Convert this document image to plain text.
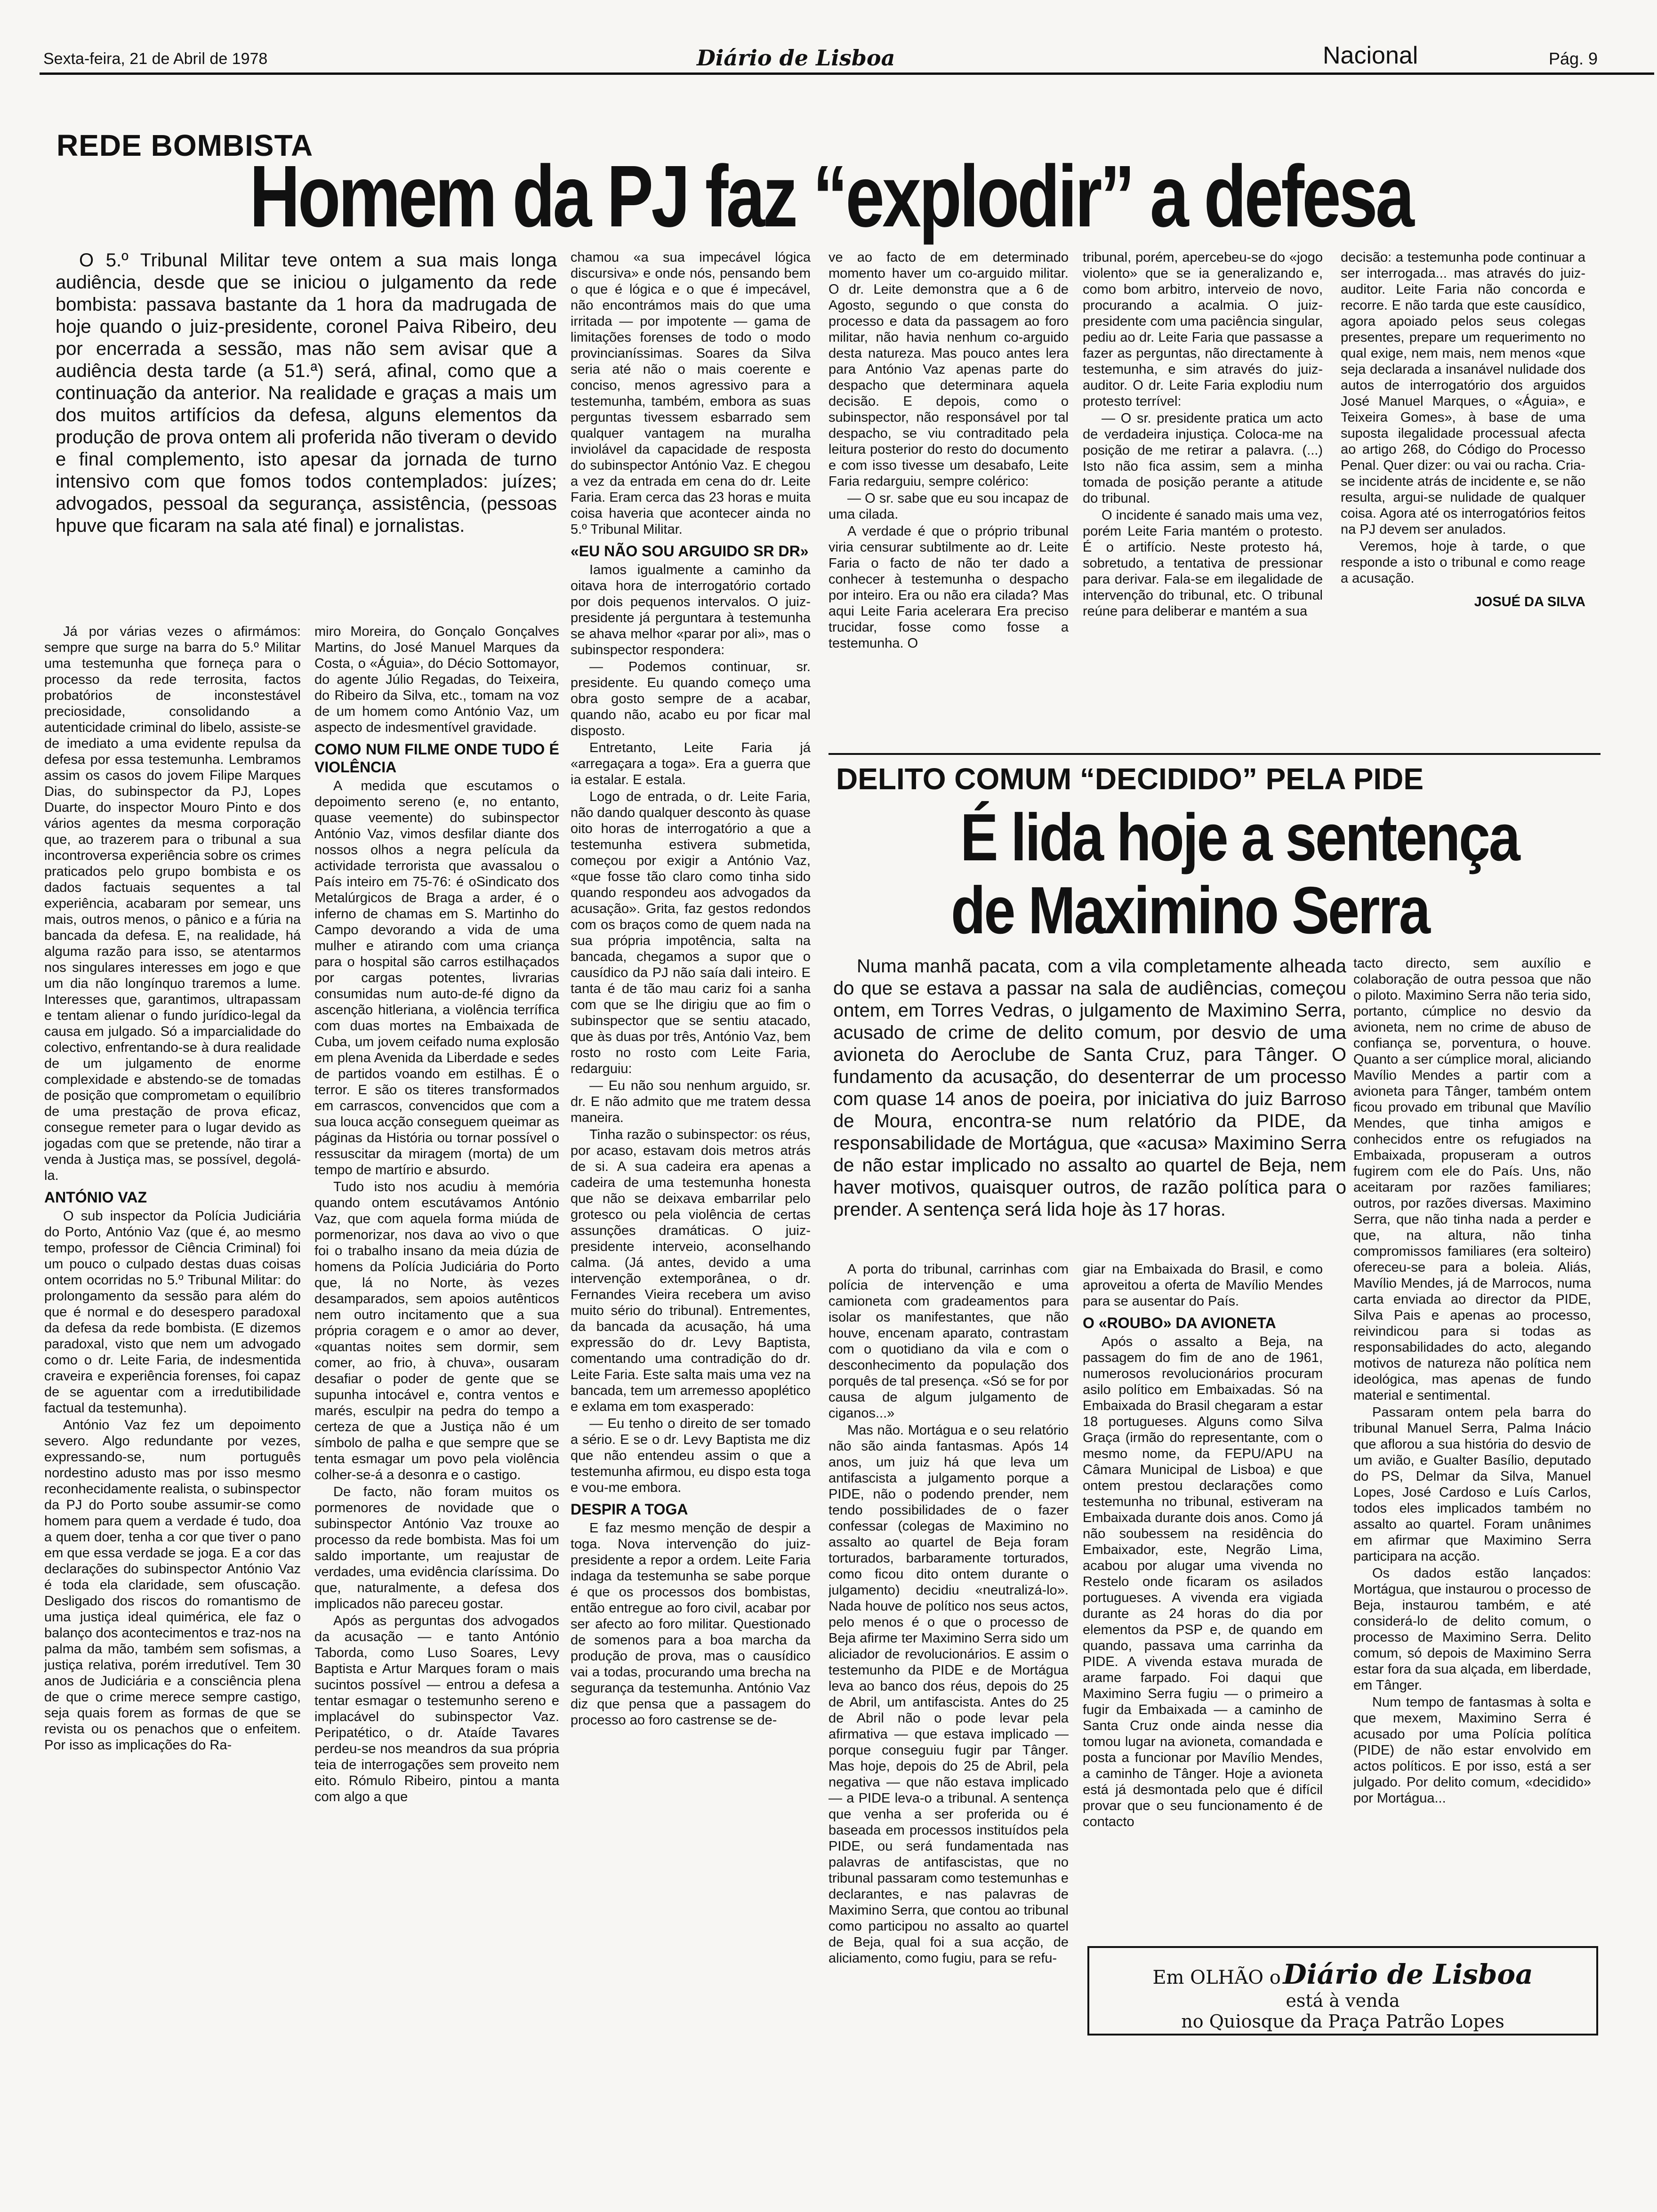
Sexta-feira, 21 de Abril de 1978	Diário de Lisboa	Nacional	Pág. 9
REDE BOMBISTA
Homem da PJ faz “explodir” a defesa

O 5.º Tribunal Militar teve ontem a sua mais longa audiência, desde que se iniciou o julgamento da rede bombista: passava bastante da 1 hora da madrugada de hoje quando o juiz-presidente, coronel Paiva Ribeiro, deu por encerrada a sessão, mas não sem avisar que a audiência desta tarde (a 51.ª) será, afinal, como que a continuação da anterior. Na realidade e graças a mais um dos muitos artifícios da defesa, alguns elementos da produção de prova ontem ali proferida não tiveram o devido e final complemento, isto apesar da jornada de turno intensivo com que fomos todos contemplados: juízes; advogados, pessoal da segurança, assistência, (pessoas hpuve que ficaram na sala até final) e jornalistas.

Já por várias vezes o afirmámos: sempre que surge na barra do 5.º Militar uma testemunha que forneça para o processo da rede terrosita, factos probatórios de inconstestável preciosidade, consolidando a autenticidade criminal do libelo, assiste-se de imediato a uma evidente repulsa da defesa por essa testemunha. Lembramos assim os casos do jovem Filipe Marques Dias, do subinspector da PJ, Lopes Duarte, do inspector Mouro Pinto e dos vários agentes da mesma corporação que, ao trazerem para o tribunal a sua incontroversa experiência sobre os crimes praticados pelo grupo bombista e os dados factuais sequentes a tal experiência, acabaram por semear, uns mais, outros menos, o pânico e a fúria na bancada da defesa. E, na realidade, há alguma razão para isso, se atentarmos nos singulares interesses em jogo e que um dia não longínquo traremos a lume. Interesses que, garantimos, ultrapassam e tentam alienar o fundo jurídico-legal da causa em julgado. Só a imparcialidade do colectivo, enfrentando-se à dura realidade de um julgamento de enorme complexidade e abstendo-se de tomadas de posição que comprometam o equilíbrio de uma prestação de prova eficaz, consegue remeter para o lugar devido as jogadas com que se pretende, não tirar a venda à Justiça mas, se possível, degolá-la.

ANTÓNIO VAZ

O sub inspector da Polícia Judiciária do Porto, António Vaz (que é, ao mesmo tempo, professor de Ciência Criminal) foi um pouco o culpado destas duas coisas ontem ocorridas no 5.º Tribunal Militar: do prolongamento da sessão para além do que é normal e do desespero paradoxal da defesa da rede bombista. (E dizemos paradoxal, visto que nem um advogado como o dr. Leite Faria, de indesmentida craveira e experiência forenses, foi capaz de se aguentar com a irredutibilidade factual da testemunha).

António Vaz fez um depoimento severo. Algo redundante por vezes, expressando-se, num português nordestino adusto mas por isso mesmo reconhecidamente realista, o subinspector da PJ do Porto soube assumir-se como homem para quem a verdade é tudo, doa a quem doer, tenha a cor que tiver o pano em que essa verdade se joga. E a cor das declarações do subinspector António Vaz é toda ela claridade, sem ofuscação. Desligado dos riscos do romantismo de uma justiça ideal quimérica, ele faz o balanço dos acontecimentos e traz-nos na palma da mão, também sem sofismas, a justiça relativa, porém irredutível. Tem 30 anos de Judiciária e a consciência plena de que o crime merece sempre castigo, seja quais forem as formas de que se revista ou os penachos que o enfeitem. Por isso as implicações do Ra-

miro Moreira, do Gonçalo Gonçalves Martins, do José Manuel Marques da Costa, o «Águia», do Décio Sottomayor, do agente Júlio Regadas, do Teixeira, do Ribeiro da Silva, etc., tomam na voz de um homem como António Vaz, um aspecto de indesmentível gravidade.

COMO NUM FILME ONDE TUDO É VIOLÊNCIA

A medida que escutamos o depoimento sereno (e, no entanto, quase veemente) do subinspector António Vaz, vimos desfilar diante dos nossos olhos a negra película da actividade terrorista que avassalou o País inteiro em 75-76: é oSindicato dos Metalúrgicos de Braga a arder, é o inferno de chamas em S. Martinho do Campo devorando a vida de uma mulher e atirando com uma criança para o hospital são carros estilhaçados por cargas potentes, livrarias consumidas num auto-de-fé digno da ascenção hitleriana, a violência terrífica com duas mortes na Embaixada de Cuba, um jovem ceifado numa explosão em plena Avenida da Liberdade e sedes de partidos voando em estilhas. É o terror. E são os titeres transformados em carrascos, convencidos que com a sua louca acção conseguem queimar as páginas da História ou tornar possível o ressuscitar da miragem (morta) de um tempo de martírio e absurdo.

Tudo isto nos acudiu à memória quando ontem escutávamos António Vaz, que com aquela forma miúda de pormenorizar, nos dava ao vivo o que foi o trabalho insano da meia dúzia de homens da Polícia Judiciária do Porto que, lá no Norte, às vezes desamparados, sem apoios autênticos nem outro incitamento que a sua própria coragem e o amor ao dever, «quantas noites sem dormir, sem comer, ao frio, à chuva», ousaram desafiar o poder de gente que se supunha intocável e, contra ventos e marés, esculpir na pedra do tempo a certeza de que a Justiça não é um símbolo de palha e que sempre que se tenta esmagar um povo pela violência colher-se-á a desonra e o castigo.

De facto, não foram muitos os pormenores de novidade que o subinspector António Vaz trouxe ao processo da rede bombista. Mas foi um saldo importante, um reajustar de verdades, uma evidência claríssima. Do que, naturalmente, a defesa dos implicados não pareceu gostar.

Após as perguntas dos advogados da acusação — e tanto António Taborda, como Luso Soares, Levy Baptista e Artur Marques foram o mais sucintos possível — entrou a defesa a tentar esmagar o testemunho sereno e implacável do subinspector Vaz. Peripatético, o dr. Ataíde Tavares perdeu-se nos meandros da sua própria teia de interrogações sem proveito nem eito. Rómulo Ribeiro, pintou a manta com algo a que

chamou «a sua impecável lógica discursiva» e onde nós, pensando bem o que é lógica e o que é impecável, não encontrámos mais do que uma irritada — por impotente — gama de limitações forenses de todo o modo provincianíssimas. Soares da Silva seria até não o mais coerente e conciso, menos agressivo para a testemunha, também, embora as suas perguntas tivessem esbarrado sem qualquer vantagem na muralha inviolável da capacidade de resposta do subinspector António Vaz. E chegou a vez da entrada em cena do dr. Leite Faria. Eram cerca das 23 horas e muita coisa haveria que acontecer ainda no 5.º Tribunal Militar.

«EU NÃO SOU ARGUIDO SR DR»

Iamos igualmente a caminho da oitava hora de interrogatório cortado por dois pequenos intervalos. O juiz-presidente já perguntara à testemunha se ahava melhor «parar por ali», mas o subinspector respondera:

— Podemos continuar, sr. presidente. Eu quando começo uma obra gosto sempre de a acabar, quando não, acabo eu por ficar mal disposto.

Entretanto, Leite Faria já «arregaçara a toga». Era a guerra que ia estalar. E estala.

Logo de entrada, o dr. Leite Faria, não dando qualquer desconto às quase oito horas de interrogatório a que a testemunha estivera submetida, começou por exigir a António Vaz, «que fosse tão claro como tinha sido quando respondeu aos advogados da acusação». Grita, faz gestos redondos com os braços como de quem nada na sua própria impotência, salta na bancada, chegamos a supor que o causídico da PJ não saía dali inteiro. E tanta é de tão mau cariz foi a sanha com que se lhe dirigiu que ao fim o subinspector que se sentiu atacado, que às duas por três, António Vaz, bem rosto no rosto com Leite Faria, redarguiu:

— Eu não sou nenhum arguido, sr. dr. E não admito que me tratem dessa maneira.

Tinha razão o subinspector: os réus, por acaso, estavam dois metros atrás de si. A sua cadeira era apenas a cadeira de uma testemunha honesta que não se deixava embarrilar pelo grotesco ou pela violência de certas assunções dramáticas. O juiz-presidente interveio, aconselhando calma. (Já antes, devido a uma intervenção extemporânea, o dr. Fernandes Vieira recebera um aviso muito sério do tribunal). Entrementes, da bancada da acusação, há uma expressão do dr. Levy Baptista, comentando uma contradição do dr. Leite Faria. Este salta mais uma vez na bancada, tem um arremesso apoplético e exlama em tom exasperado:

— Eu tenho o direito de ser tomado a sério. E se o dr. Levy Baptista me diz que não entendeu assim o que a testemunha afirmou, eu dispo esta toga e vou-me embora.

DESPIR A TOGA

E faz mesmo menção de despir a toga. Nova intervenção do juiz-presidente a repor a ordem. Leite Faria indaga da testemunha se sabe porque é que os processos dos bombistas, então entregue ao foro civil, acabar por ser afecto ao foro militar. Questionado de somenos para a boa marcha da produção de prova, mas o causídico vai a todas, procurando uma brecha na segurança da testemunha. António Vaz diz que pensa que a passagem do processo ao foro castrense se de-

ve ao facto de em determinado momento haver um co-arguido militar. O dr. Leite demonstra que a 6 de Agosto, segundo o que consta do processo e data da passagem ao foro militar, não havia nenhum co-arguido desta natureza. Mas pouco antes lera para António Vaz apenas parte do despacho que determinara aquela decisão. E depois, como o subinspector, não responsável por tal despacho, se viu contraditado pela leitura posterior do resto do documento e com isso tivesse um desabafo, Leite Faria redarguiu, sempre colérico:

— O sr. sabe que eu sou incapaz de uma cilada.

A verdade é que o próprio tribunal viria censurar subtilmente ao dr. Leite Faria o facto de não ter dado a conhecer à testemunha o despacho por inteiro. Era ou não era cilada? Mas aqui Leite Faria acelerara Era preciso trucidar, fosse como fosse a testemunha. O

tribunal, porém, apercebeu-se do «jogo violento» que se ia generalizando e, como bom arbitro, interveio de novo, procurando a acalmia. O juiz-presidente com uma paciência singular, pediu ao dr. Leite Faria que passasse a fazer as perguntas, não directamente à testemunha, e sim através do juiz-auditor. O dr. Leite Faria explodiu num protesto terrível:

— O sr. presidente pratica um acto de verdadeira injustiça. Coloca-me na posição de me retirar a palavra. (...) Isto não fica assim, sem a minha tomada de posição perante a atitude do tribunal.

O incidente é sanado mais uma vez, porém Leite Faria mantém o protesto. É o artifício. Neste protesto há, sobretudo, a tentativa de pressionar para derivar. Fala-se em ilegalidade de intervenção do tribunal, etc. O tribunal reúne para deliberar e mantém a sua

decisão: a testemunha pode continuar a ser interrogada... mas através do juiz-auditor. Leite Faria não concorda e recorre. E não tarda que este causídico, agora apoiado pelos seus colegas presentes, prepare um requerimento no qual exige, nem mais, nem menos «que seja declarada a insanável nulidade dos autos de interrogatório dos arguidos José Manuel Marques, o «Águia», e Teixeira Gomes», à base de uma suposta ilegalidade processual afecta ao artigo 268, do Código do Processo Penal. Quer dizer: ou vai ou racha. Cria-se incidente atrás de incidente e, se não resulta, argui-se nulidade de qualquer coisa. Agora até os interrogatórios feitos na PJ devem ser anulados.

Veremos, hoje à tarde, o que responde a isto o tribunal e como reage a acusação.

JOSUÉ DA SILVA

DELITO COMUM “DECIDIDO” PELA PIDE
É lida hoje a sentença
de Maximino Serra

Numa manhã pacata, com a vila completamente alheada do que se estava a passar na sala de audiências, começou ontem, em Torres Vedras, o julgamento de Maximino Serra, acusado de crime de delito comum, por desvio de uma avioneta do Aeroclube de Santa Cruz, para Tânger. O fundamento da acusação, do desenterrar de um processo com quase 14 anos de poeira, por iniciativa do juiz Barroso de Moura, encontra-se num relatório da PIDE, da responsabilidade de Mortágua, que «acusa» Maximino Serra de não estar implicado no assalto ao quartel de Beja, nem haver motivos, quaisquer outros, de razão política para o prender. A sentença será lida hoje às 17 horas.

A porta do tribunal, carrinhas com polícia de intervenção e uma camioneta com gradeamentos para isolar os manifestantes, que não houve, encenam aparato, contrastam com o quotidiano da vila e com o desconhecimento da população dos porquês de tal presença. «Só se for por causa de algum julgamento de ciganos...»

Mas não. Mortágua e o seu relatório não são ainda fantasmas. Após 14 anos, um juiz há que leva um antifascista a julgamento porque a PIDE, não o podendo prender, nem tendo possibilidades de o fazer confessar (colegas de Maximino no assalto ao quartel de Beja foram torturados, barbaramente torturados, como ficou dito ontem durante o julgamento) decidiu «neutralizá-lo». Nada houve de político nos seus actos, pelo menos é o que o processo de Beja afirme ter Maximino Serra sido um aliciador de revolucionários. E assim o testemunho da PIDE e de Mortágua leva ao banco dos réus, depois do 25 de Abril, um antifascista. Antes do 25 de Abril não o pode levar pela afirmativa — que estava implicado — porque conseguiu fugir par Tânger. Mas hoje, depois do 25 de Abril, pela negativa — que não estava implicado — a PIDE leva-o a tribunal. A sentença que venha a ser proferida ou é baseada em processos instituídos pela PIDE, ou será fundamentada nas palavras de antifascistas, que no tribunal passaram como testemunhas e declarantes, e nas palavras de Maximino Serra, que contou ao tribunal como participou no assalto ao quartel de Beja, qual foi a sua acção, de aliciamento, como fugiu, para se refu-

giar na Embaixada do Brasil, e como aproveitou a oferta de Mavílio Mendes para se ausentar do País.

O «ROUBO» DA AVIONETA

Após o assalto a Beja, na passagem do fim de ano de 1961, numerosos revolucionários procuram asilo político em Embaixadas. Só na Embaixada do Brasil chegaram a estar 18 portugueses. Alguns como Silva Graça (irmão do representante, com o mesmo nome, da FEPU/APU na Câmara Municipal de Lisboa) e que ontem prestou declarações como testemunha no tribunal, estiveram na Embaixada durante dois anos. Como já não soubessem na residência do Embaixador, este, Negrão Lima, acabou por alugar uma vivenda no Restelo onde ficaram os asilados portugueses. A vivenda era vigiada durante as 24 horas do dia por elementos da PSP e, de quando em quando, passava uma carrinha da PIDE. A vivenda estava murada de arame farpado. Foi daqui que Maximino Serra fugiu — o primeiro a fugir da Embaixada — a caminho de Santa Cruz onde ainda nesse dia tomou lugar na avioneta, comandada e posta a funcionar por Mavílio Mendes, a caminho de Tânger. Hoje a avioneta está já desmontada pelo que é difícil provar que o seu funcionamento é de contacto

tacto directo, sem auxílio e colaboração de outra pessoa que não o piloto. Maximino Serra não teria sido, portanto, cúmplice no desvio da avioneta, nem no crime de abuso de confiança se, porventura, o houve. Quanto a ser cúmplice moral, aliciando Mavílio Mendes a partir com a avioneta para Tânger, também ontem ficou provado em tribunal que Mavílio Mendes, que tinha amigos e conhecidos entre os refugiados na Embaixada, propuseram a outros fugirem com ele do País. Uns, não aceitaram por razões familiares; outros, por razões diversas. Maximino Serra, que não tinha nada a perder e que, na altura, não tinha compromissos familiares (era solteiro) ofereceu-se para a boleia. Aliás, Mavílio Mendes, já de Marrocos, numa carta enviada ao director da PIDE, Silva Pais e apenas ao processo, reivindicou para si todas as responsabilidades do acto, alegando motivos de natureza não política nem ideológica, mas apenas de fundo material e sentimental.

Passaram ontem pela barra do tribunal Manuel Serra, Palma Inácio que aflorou a sua história do desvio de um avião, e Gualter Basílio, deputado do PS, Delmar da Silva, Manuel Lopes, José Cardoso e Luís Carlos, todos eles implicados também no assalto ao quartel. Foram unânimes em afirmar que Maximino Serra participara na acção.

Os dados estão lançados: Mortágua, que instaurou o processo de Beja, instaurou também, e até considerá-lo de delito comum, o processo de Maximino Serra. Delito comum, só depois de Maximino Serra estar fora da sua alçada, em liberdade, em Tânger.

Num tempo de fantasmas à solta e que mexem, Maximino Serra é acusado por uma Polícia política (PIDE) de não estar envolvido em actos políticos. E por isso, está a ser julgado. Por delito comum, «decidido» por Mortágua...

Em OLHÃO o Diário de Lisboa
está à venda
no Quiosque da Praça Patrão Lopes
